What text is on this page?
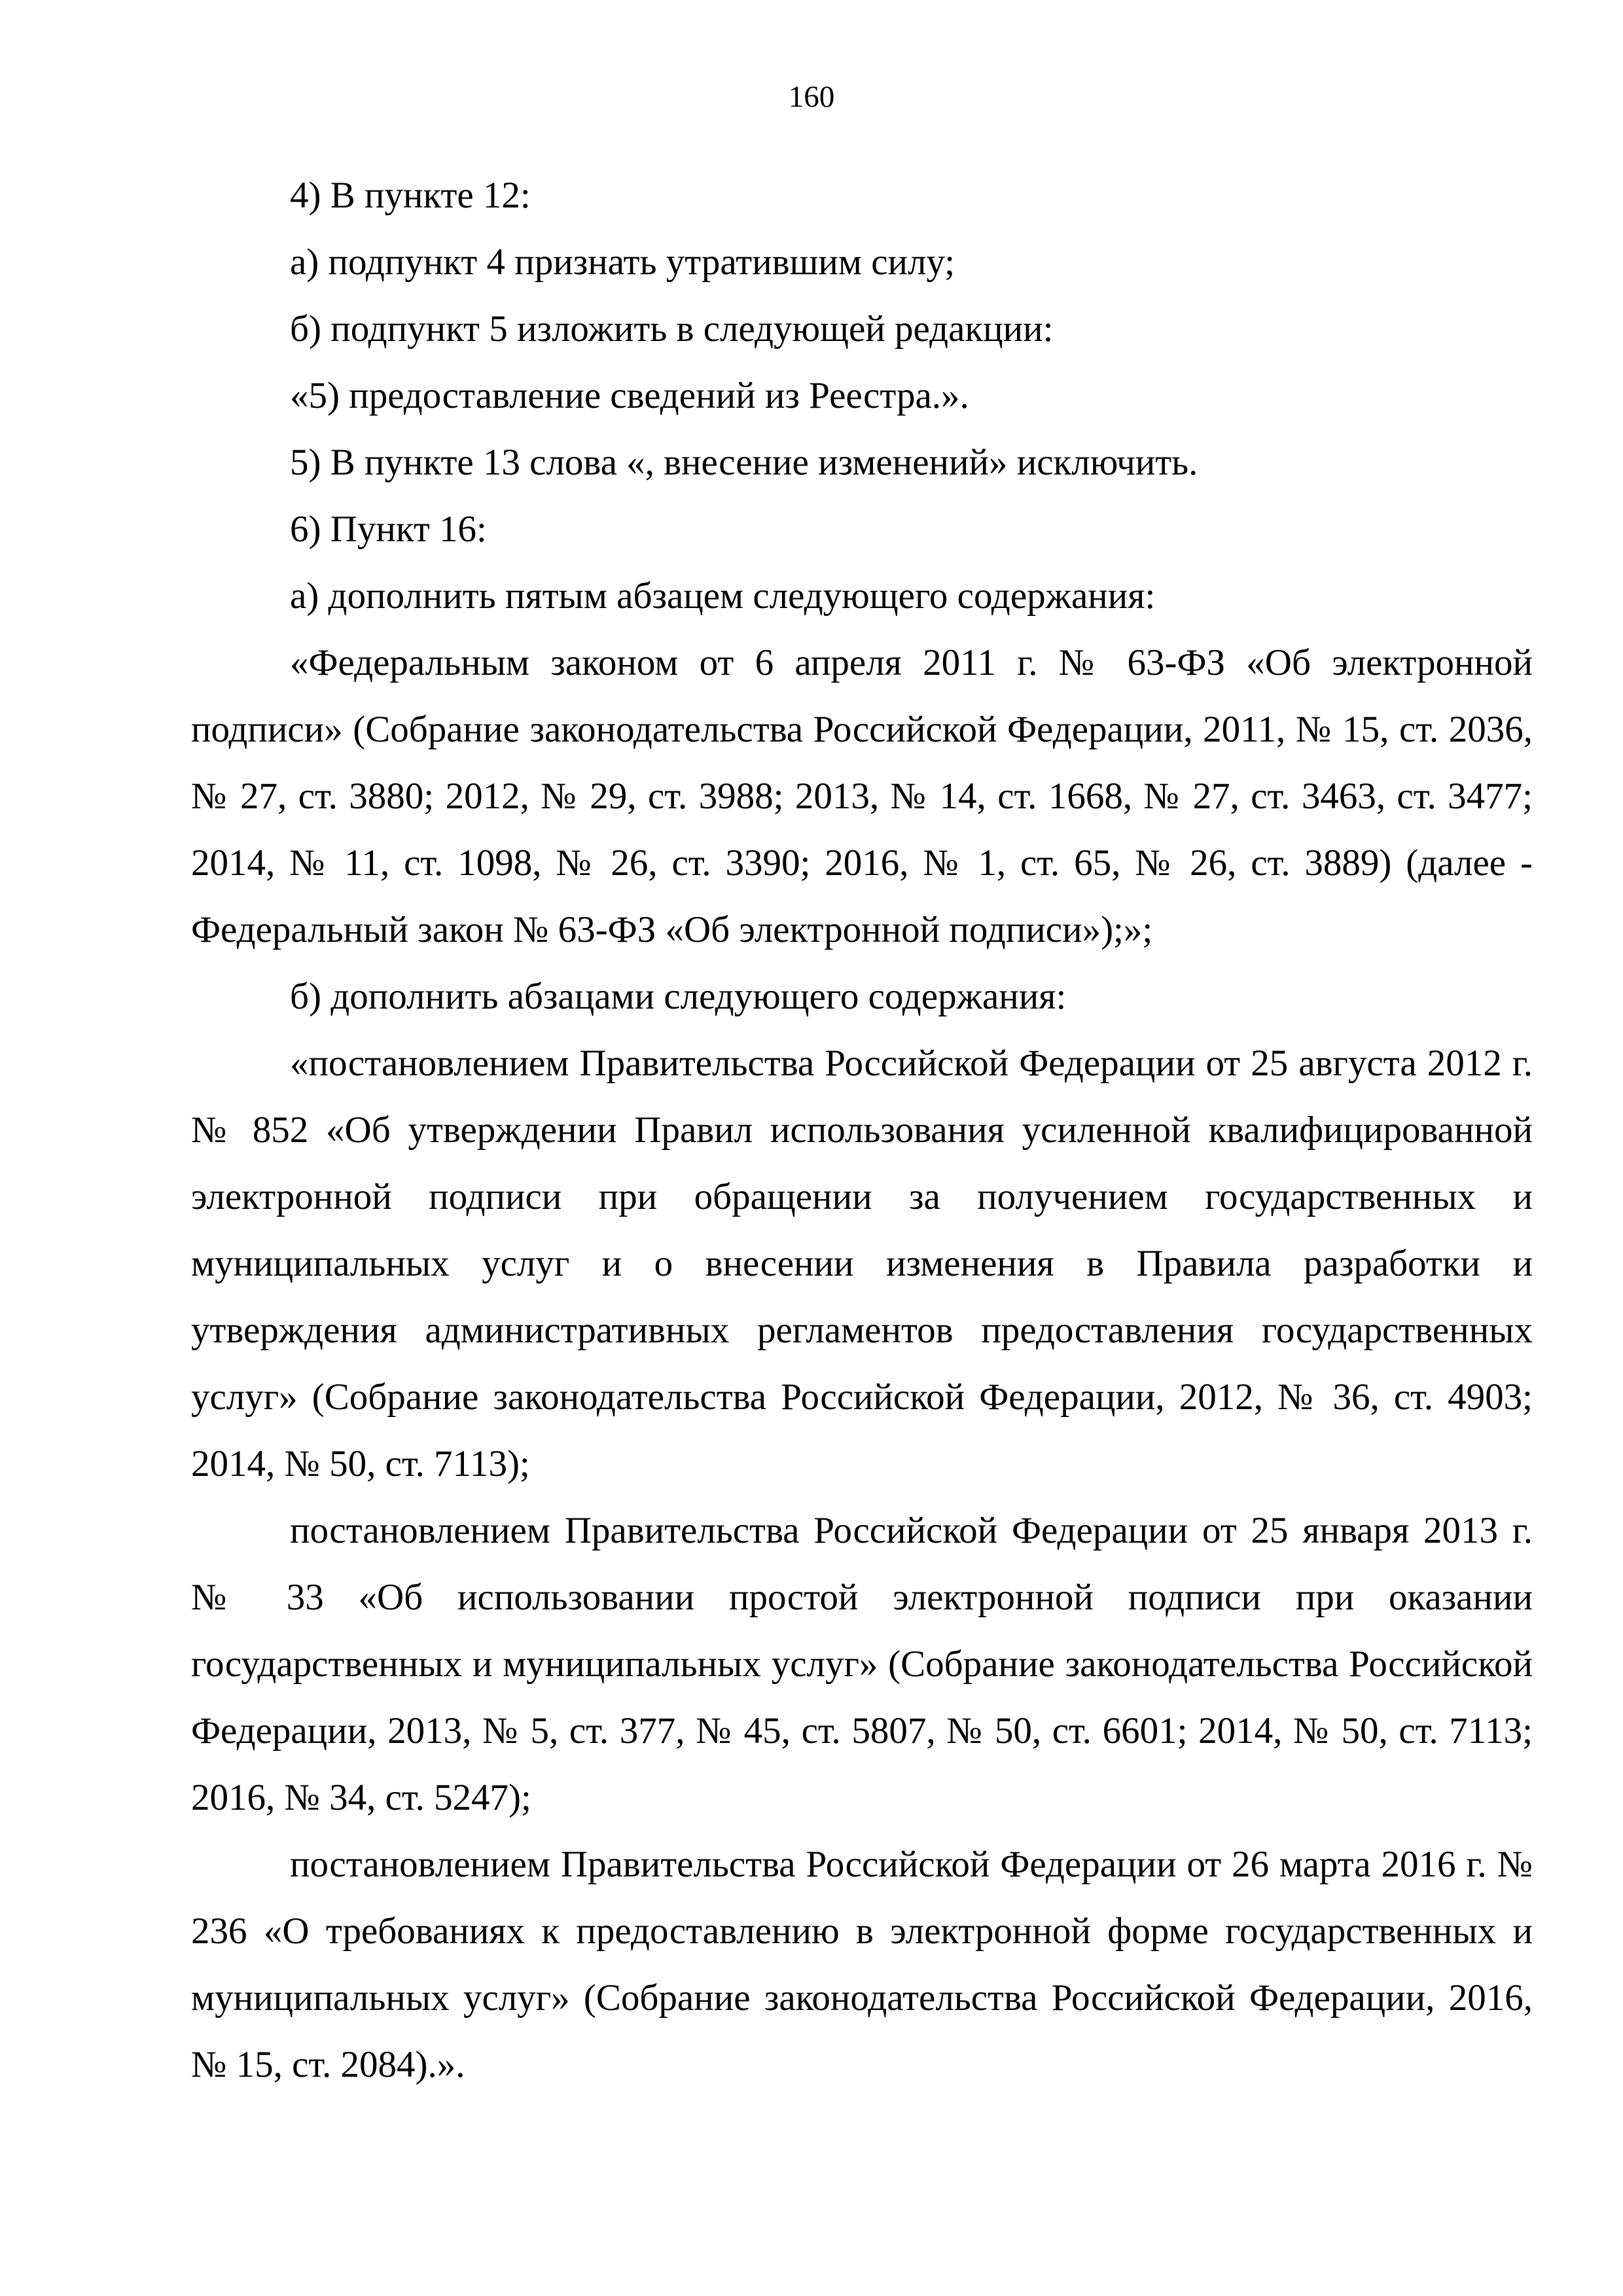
160

4) В пункте 12:

а) подпункт 4 признать утратившим силу;

б) подпункт 5 изложить в следующей редакции:

«5) предоставление сведений из Реестра.».

5) В пункте 13 слова «, внесение изменений» исключить.

6) Пункт 16:

а) дополнить пятым абзацем следующего содержания:

«Федеральным законом от 6 апреля 2011 г. № 63-ФЗ «Об электронной подписи» (Собрание законодательства Российской Федерации, 2011, № 15, ст. 2036, № 27, ст. 3880; 2012, № 29, ст. 3988; 2013, № 14, ст. 1668, № 27, ст. 3463, ст. 3477; 2014, № 11, ст. 1098, № 26, ст. 3390; 2016, № 1, ст. 65, № 26, ст. 3889) (далее - Федеральный закон № 63-ФЗ «Об электронной подписи»);»;

б) дополнить абзацами следующего содержания:

«постановлением Правительства Российской Федерации от 25 августа 2012 г. № 852 «Об утверждении Правил использования усиленной квалифицированной электронной подписи при обращении за получением государственных и муниципальных услуг и о внесении изменения в Правила разработки и утверждения административных регламентов предоставления государственных услуг» (Собрание законодательства Российской Федерации, 2012, № 36, ст. 4903; 2014, № 50, ст. 7113);

постановлением Правительства Российской Федерации от 25 января 2013 г. № 33 «Об использовании простой электронной подписи при оказании государственных и муниципальных услуг» (Собрание законодательства Российской Федерации, 2013, № 5, ст. 377, № 45, ст. 5807, № 50, ст. 6601; 2014, № 50, ст. 7113; 2016, № 34, ст. 5247);

постановлением Правительства Российской Федерации от 26 марта 2016 г. № 236 «О требованиях к предоставлению в электронной форме государственных и муниципальных услуг» (Собрание законодательства Российской Федерации, 2016, № 15, ст. 2084).».
